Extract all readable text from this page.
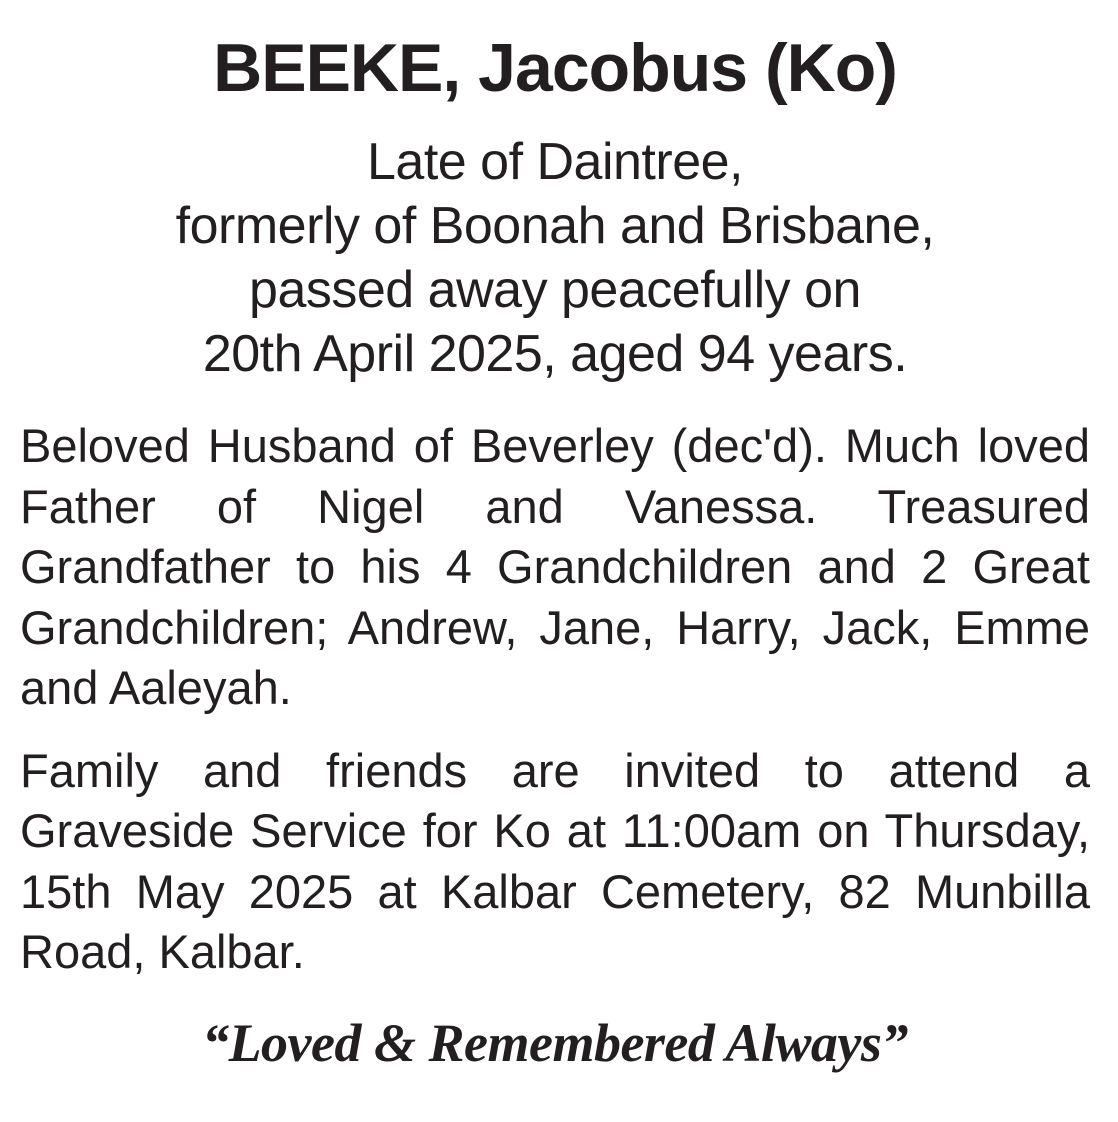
BEEKE, Jacobus (Ko)
Late of Daintree,
formerly of Boonah and Brisbane,
passed away peacefully on
20th April 2025, aged 94 years.

Beloved Husband of Beverley (dec'd). Much loved Father of Nigel and Vanessa. Treasured Grandfather to his 4 Grandchildren and 2 Great Grandchildren; Andrew, Jane, Harry, Jack, Emme and Aaleyah.

Family and friends are invited to attend a Graveside Service for Ko at 11:00am on Thursday, 15th May 2025 at Kalbar Cemetery, 82 Munbilla Road, Kalbar.

“Loved & Remembered Always”
